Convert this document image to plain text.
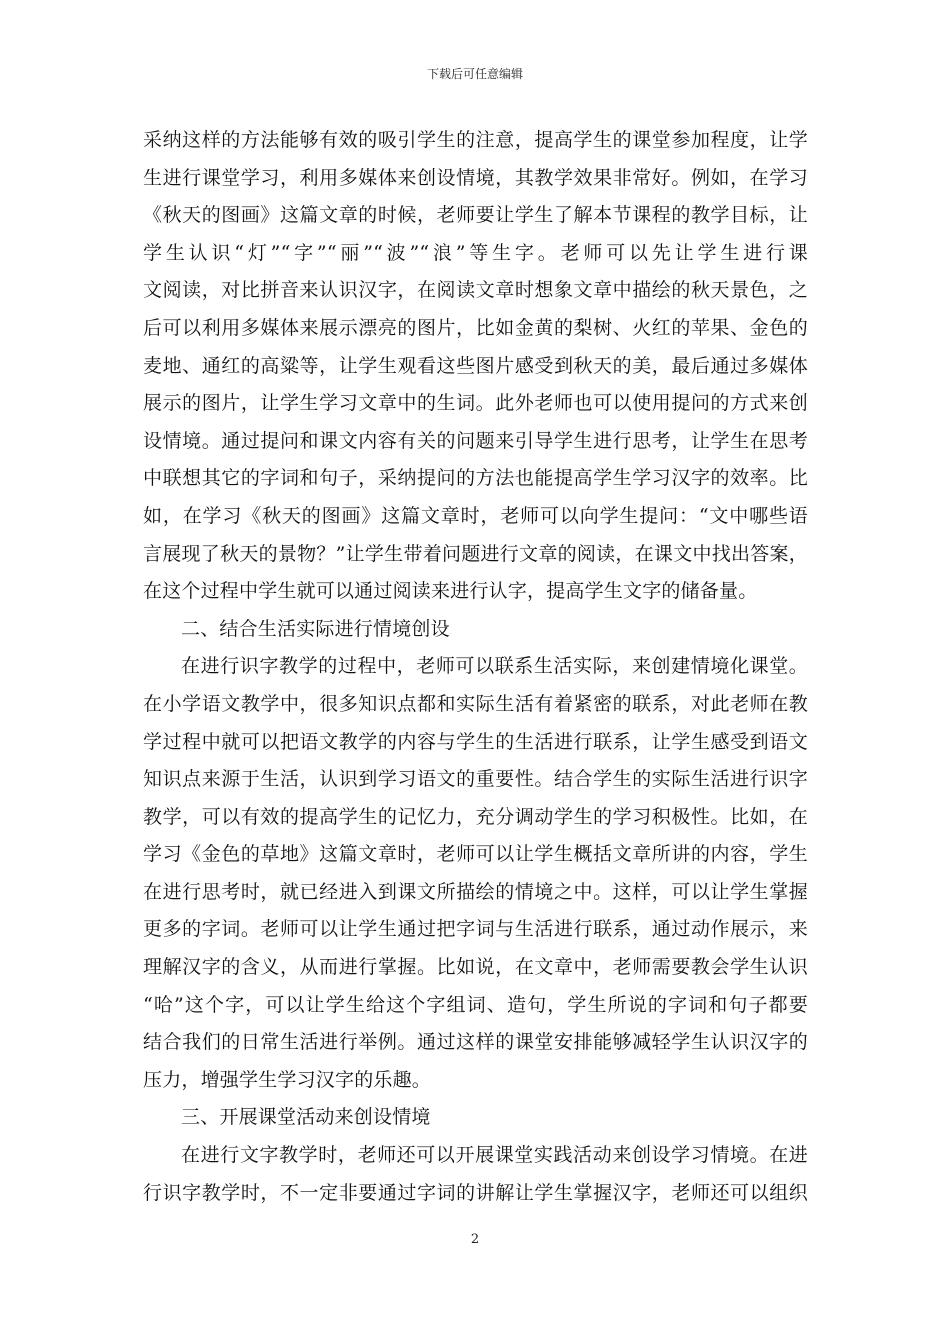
下载后可任意编辑
采纳这样的方法能够有效的吸引学生的注意，提高学生的课堂参加程度，让学
生进行课堂学习，利用多媒体来创设情境，其教学效果非常好。例如，在学习
《秋天的图画》这篇文章的时候，老师要让学生了解本节课程的教学目标，让
学生认识“灯”“字”“丽”“波”“浪”等生字。老师可以先让学生进行课
文阅读，对比拼音来认识汉字，在阅读文章时想象文章中描绘的秋天景色，之
后可以利用多媒体来展示漂亮的图片，比如金黄的梨树、火红的苹果、金色的
麦地、通红的高粱等，让学生观看这些图片感受到秋天的美，最后通过多媒体
展示的图片，让学生学习文章中的生词。此外老师也可以使用提问的方式来创
设情境。通过提问和课文内容有关的问题来引导学生进行思考，让学生在思考
中联想其它的字词和句子，采纳提问的方法也能提高学生学习汉字的效率。比
如，在学习《秋天的图画》这篇文章时，老师可以向学生提问：“文中哪些语
言展现了秋天的景物？”让学生带着问题进行文章的阅读，在课文中找出答案，
在这个过程中学生就可以通过阅读来进行认字，提高学生文字的储备量。
二、结合生活实际进行情境创设
在进行识字教学的过程中，老师可以联系生活实际，来创建情境化课堂。
在小学语文教学中，很多知识点都和实际生活有着紧密的联系，对此老师在教
学过程中就可以把语文教学的内容与学生的生活进行联系，让学生感受到语文
知识点来源于生活，认识到学习语文的重要性。结合学生的实际生活进行识字
教学，可以有效的提高学生的记忆力，充分调动学生的学习积极性。比如，在
学习《金色的草地》这篇文章时，老师可以让学生概括文章所讲的内容，学生
在进行思考时，就已经进入到课文所描绘的情境之中。这样，可以让学生掌握
更多的字词。老师可以让学生通过把字词与生活进行联系，通过动作展示，来
理解汉字的含义，从而进行掌握。比如说，在文章中，老师需要教会学生认识
“哈”这个字，可以让学生给这个字组词、造句，学生所说的字词和句子都要
结合我们的日常生活进行举例。通过这样的课堂安排能够减轻学生认识汉字的
压力，增强学生学习汉字的乐趣。
三、开展课堂活动来创设情境
在进行文字教学时，老师还可以开展课堂实践活动来创设学习情境。在进
行识字教学时，不一定非要通过字词的讲解让学生掌握汉字，老师还可以组织
2
